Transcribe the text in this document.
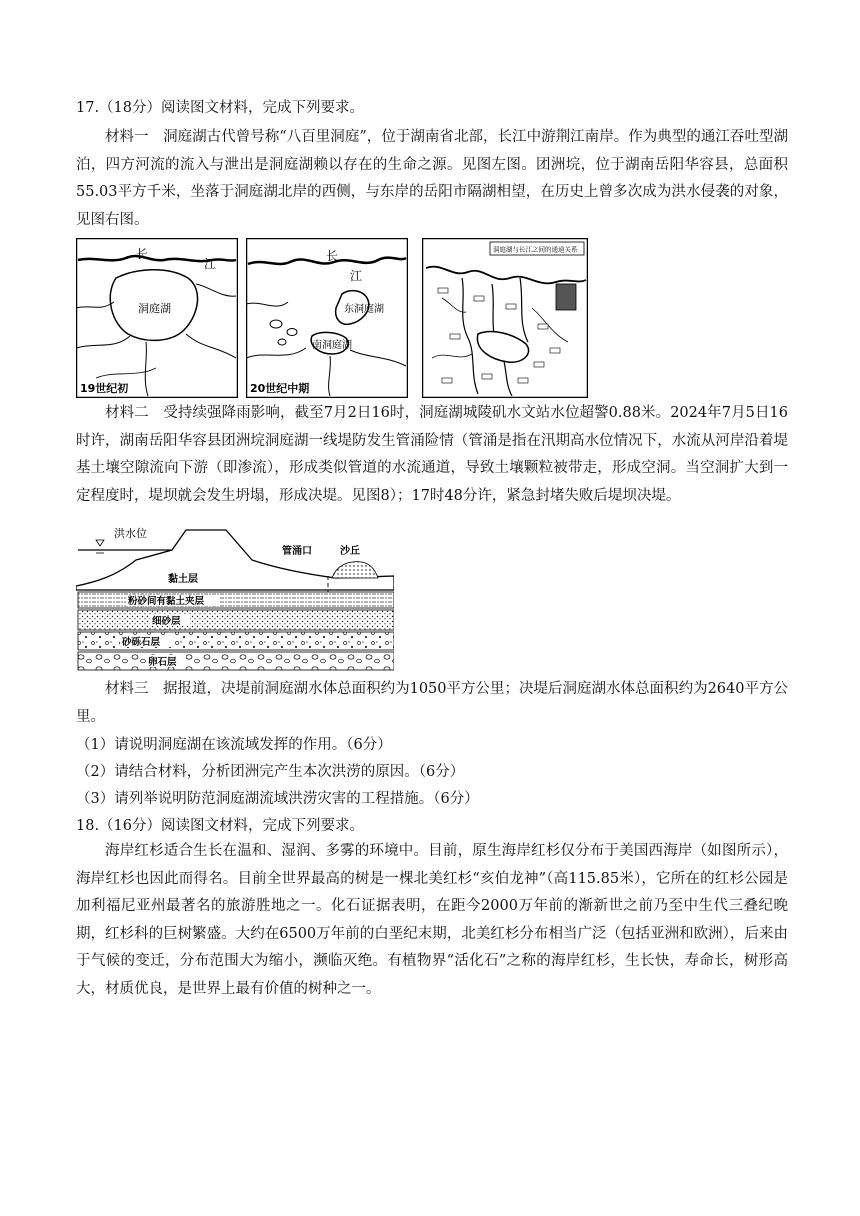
17.（18分）阅读图文材料，完成下列要求。
材料一　洞庭湖古代曾号称“八百里洞庭”，位于湖南省北部，长江中游荆江南岸。作为典型的通江吞吐型湖泊，四方河流的流入与泄出是洞庭湖赖以存在的生命之源。见图左图。团洲垸，位于湖南岳阳华容县，总面积55.03平方千米，坐落于洞庭湖北岸的西侧，与东岸的岳阳市隔湖相望，在历史上曾多次成为洪水侵袭的对象，见图右图。
长
江
洞庭湖
19世纪初
长
江
东洞庭湖
南洞庭湖
20世纪中期
洞庭湖与长江之间的通道关系
材料二　受持续强降雨影响，截至7月2日16时，洞庭湖城陵矶水文站水位超警0.88米。2024年7月5日16时许，湖南岳阳华容县团洲垸洞庭湖一线堤防发生管涌险情（管涌是指在汛期高水位情况下，水流从河岸沿着堤基土壤空隙流向下游（即渗流），形成类似管道的水流通道，导致土壤颗粒被带走，形成空洞。当空洞扩大到一定程度时，堤坝就会发生坍塌，形成决堤。见图8）；17时48分许，紧急封堵失败后堤坝决堤。
洪水位
黏土层
沙丘
管涌口
粉砂间有黏土夹层
细砂层
砂砾石层
卵石层
材料三　据报道，决堤前洞庭湖水体总面积约为1050平方公里；决堤后洞庭湖水体总面积约为2640平方公里。
（1）请说明洞庭湖在该流域发挥的作用。（6分）
（2）请结合材料，分析团洲完产生本次洪涝的原因。（6分）
（3）请列举说明防范洞庭湖流域洪涝灾害的工程措施。（6分）
18.（16分）阅读图文材料，完成下列要求。
海岸红杉适合生长在温和、湿润、多雾的环境中。目前，原生海岸红杉仅分布于美国西海岸（如图所示），海岸红杉也因此而得名。目前全世界最高的树是一棵北美红杉“亥伯龙神”（高115.85米），它所在的红杉公园是加利福尼亚州最著名的旅游胜地之一。化石证据表明，在距今2000万年前的渐新世之前乃至中生代三叠纪晚期，红杉科的巨树繁盛。大约在6500万年前的白垩纪末期，北美红杉分布相当广泛（包括亚洲和欧洲），后来由于气候的变迁，分布范围大为缩小，濒临灭绝。有植物界“活化石”之称的海岸红杉，生长快，寿命长，树形高大，材质优良，是世界上最有价值的树种之一。
